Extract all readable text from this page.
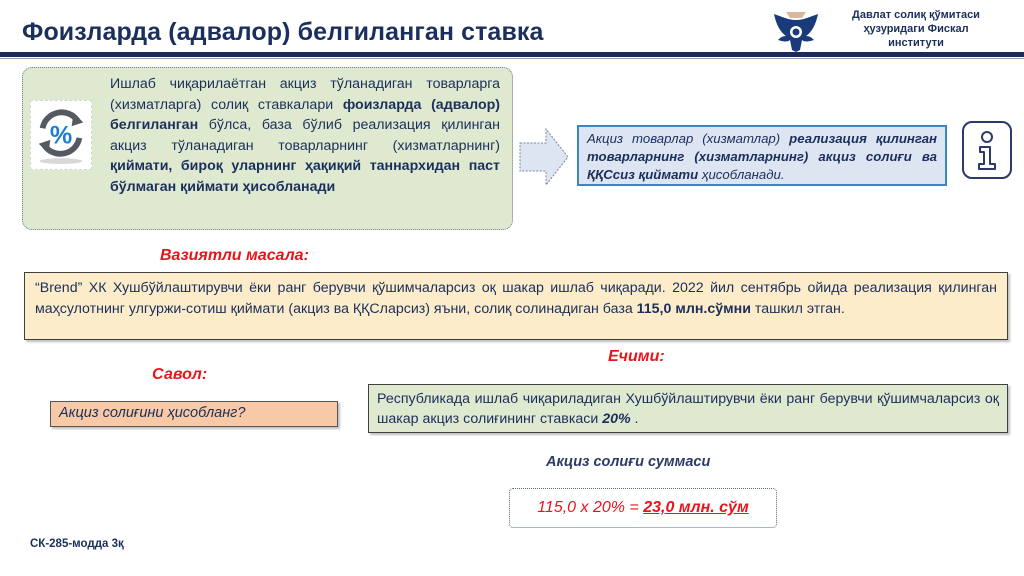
Фоизларда (адвалор) белгиланган ставка
Давлат солиқ қўмитаси
ҳузуридаги Фискал
институти
%
Ишлаб чиқарилаётган акциз тўланадиган товарларга (хизматларга) солиқ ставкалари фоизларда (адвалор) белгиланган бўлса, база бўлиб реализация қилинган акциз тўланадиган товарларнинг (хизматларнинг) қиймати, бироқ уларнинг ҳақиқий таннархидан паст бўлмаган қиймати ҳисобланади
Акциз товарлар (хизматлар) реализация қилинган товарларнинг (хизматларнинг) акциз солиғи ва ҚҚСсиз қиймати ҳисобланади.
Вазиятли масала:
“Brend” ХК Хушбўйлаштирувчи ёки ранг берувчи қўшимчаларсиз оқ шакар ишлаб чиқаради. 2022 йил сентябрь ойида реализация қилинган маҳсулотнинг улгуржи-сотиш қиймати (акциз ва ҚҚСларсиз) яъни, солиқ солинадиган база 115,0 млн.сўмни ташкил этган.
Савол:
Акциз солиғини ҳисобланг?
Ечими:
Республикада ишлаб чиқариладиган Хушбўйлаштирувчи ёки ранг берувчи қўшимчаларсиз оқ шакар акциз солиғининг ставкаси 20% .
Акциз солиғи суммаси
115,0 х 20% = 23,0 млн. сўм
СК-285-модда 3қ
